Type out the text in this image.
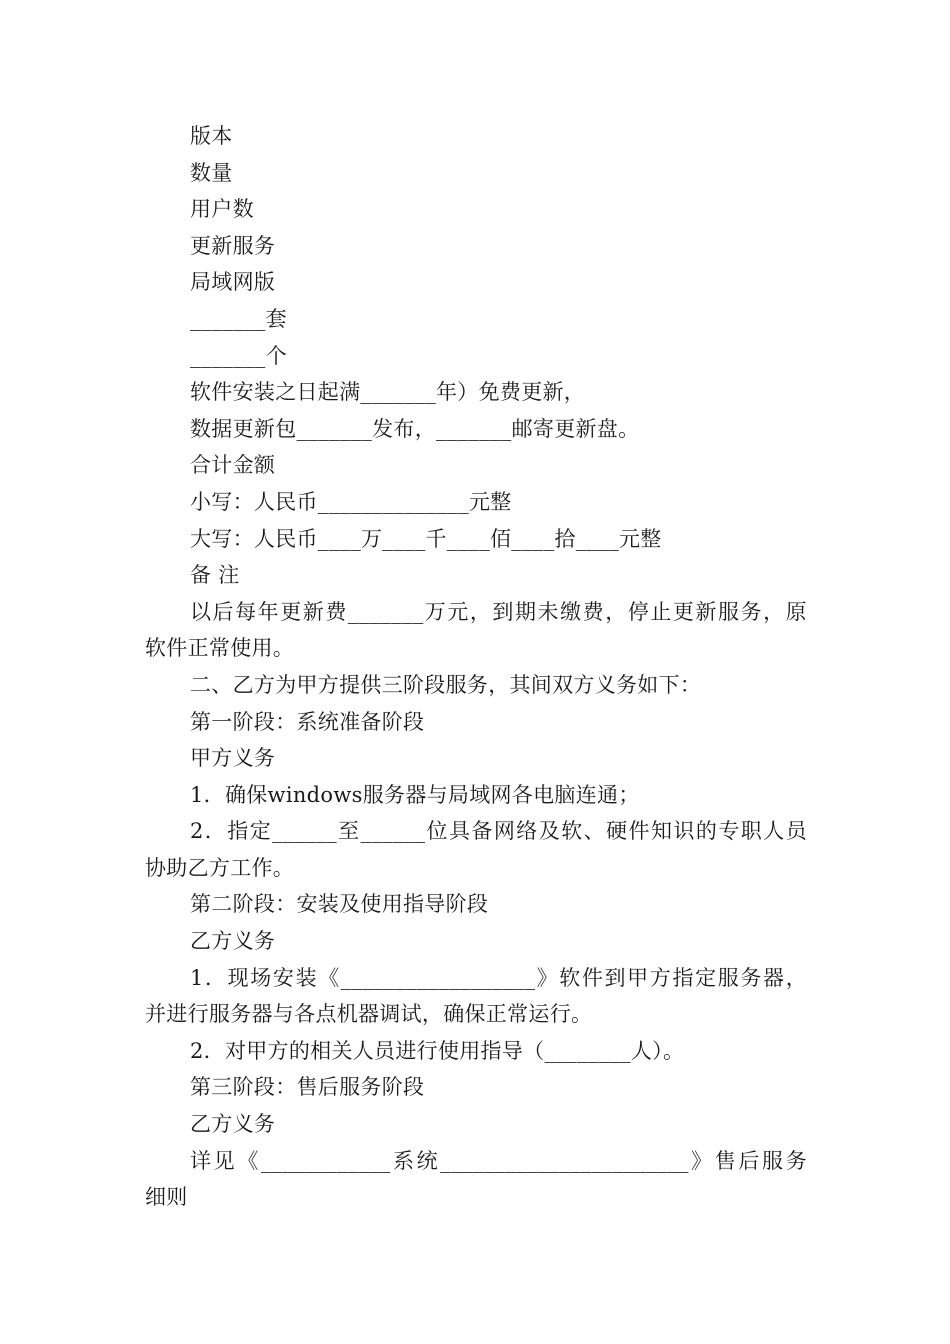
版本
数量
用户数
更新服务
局域网版
_______套
_______个
软件安装之日起满_______年）免费更新，
数据更新包_______发布，_______邮寄更新盘。
合计金额
小写：人民币______________元整
大写：人民币____万____千____佰____拾____元整
备 注
以后每年更新费_______万元，到期未缴费，停止更新服务，原
软件正常使用。
二、乙方为甲方提供三阶段服务，其间双方义务如下：
第一阶段：系统准备阶段
甲方义务
1．确保windows服务器与局域网各电脑连通；
2．指定______至______位具备网络及软、硬件知识的专职人员
协助乙方工作。
第二阶段：安装及使用指导阶段
乙方义务
1．现场安装《__________________》软件到甲方指定服务器，
并进行服务器与各点机器调试，确保正常运行。
2．对甲方的相关人员进行使用指导（________人）。
第三阶段：售后服务阶段
乙方义务
详见《____________系统_______________________》售后服务
细则
